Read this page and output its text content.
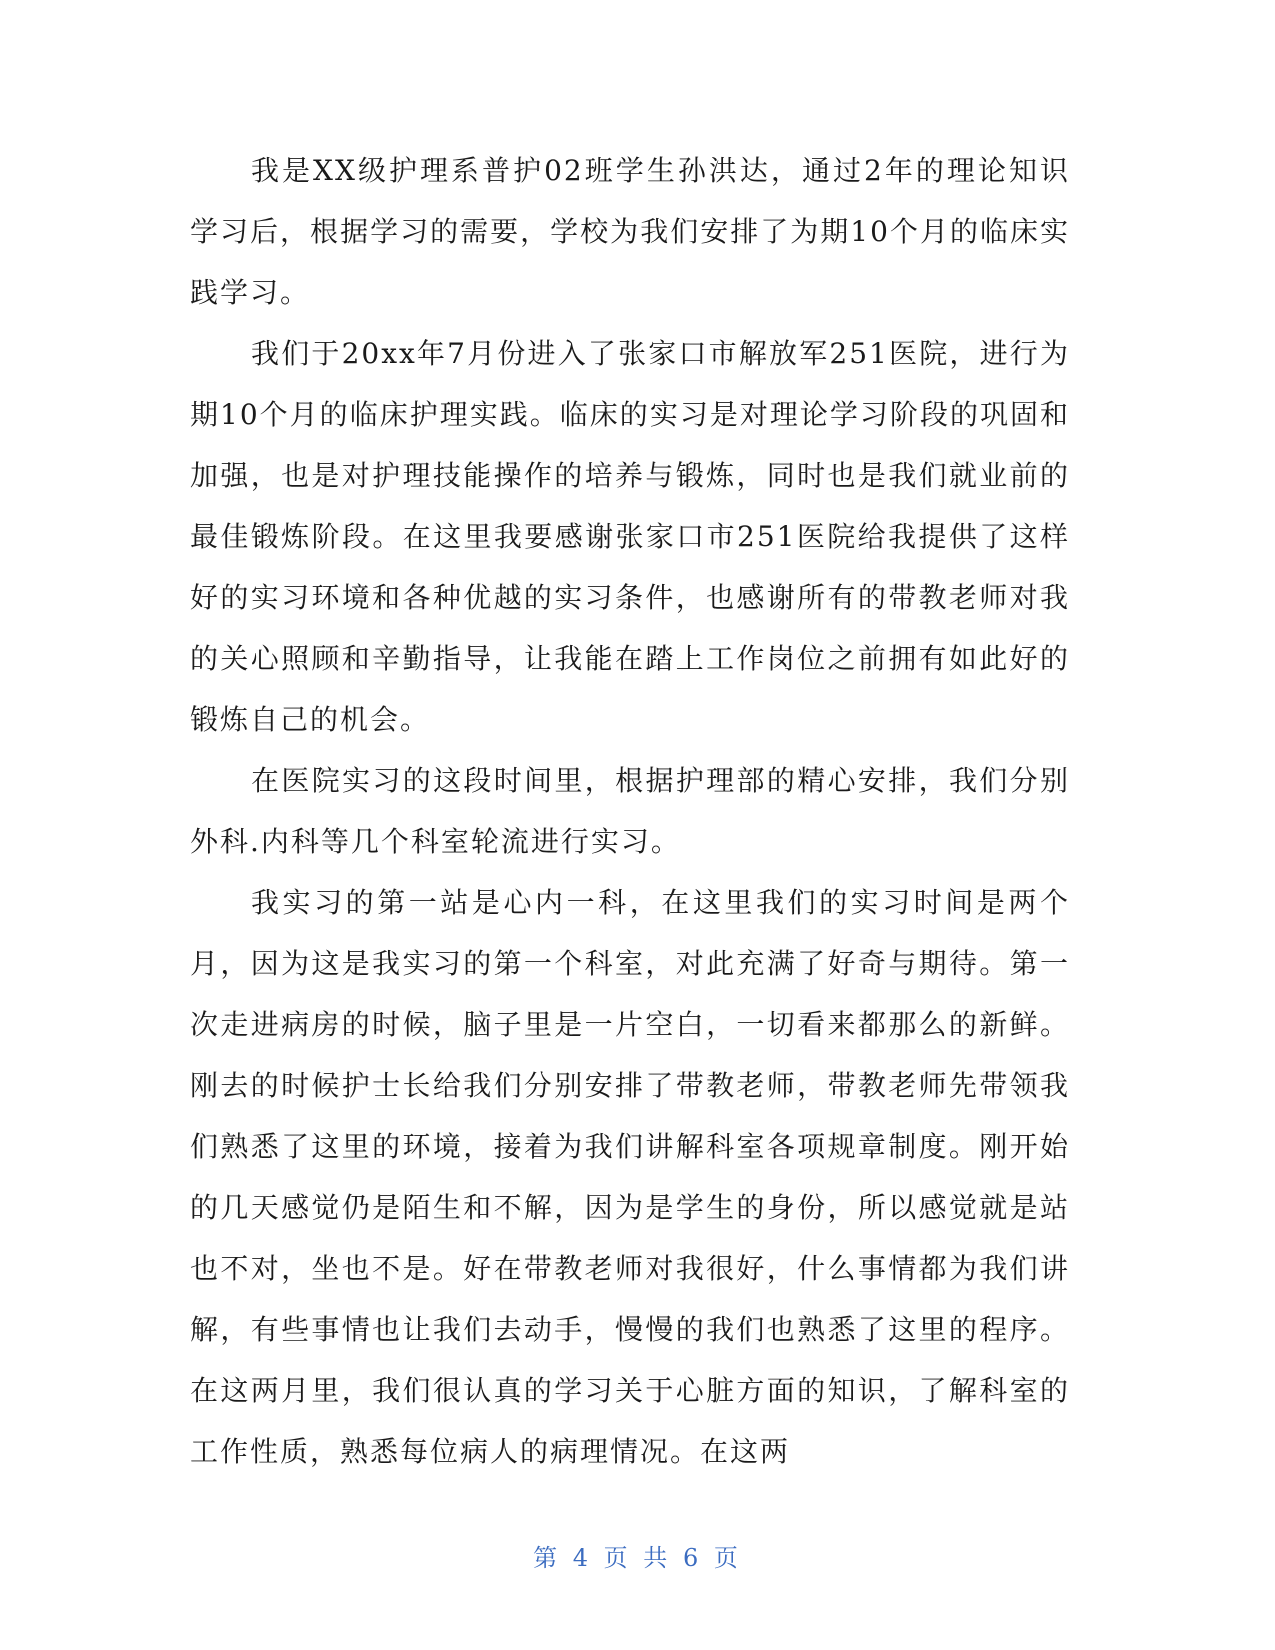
我是XX级护理系普护02班学生孙洪达，通过2年的理论知识学习后，根据学习的需要，学校为我们安排了为期10个月的临床实践学习。

我们于20xx年7月份进入了张家口市解放军251医院，进行为期10个月的临床护理实践。临床的实习是对理论学习阶段的巩固和加强，也是对护理技能操作的培养与锻炼，同时也是我们就业前的最佳锻炼阶段。在这里我要感谢张家口市251医院给我提供了这样好的实习环境和各种优越的实习条件，也感谢所有的带教老师对我的关心照顾和辛勤指导，让我能在踏上工作岗位之前拥有如此好的锻炼自己的机会。

在医院实习的这段时间里，根据护理部的精心安排，我们分别外科.内科等几个科室轮流进行实习。

我实习的第一站是心内一科，在这里我们的实习时间是两个月，因为这是我实习的第一个科室，对此充满了好奇与期待。第一次走进病房的时候，脑子里是一片空白，一切看来都那么的新鲜。刚去的时候护士长给我们分别安排了带教老师，带教老师先带领我们熟悉了这里的环境，接着为我们讲解科室各项规章制度。刚开始的几天感觉仍是陌生和不解，因为是学生的身份，所以感觉就是站也不对，坐也不是。好在带教老师对我很好，什么事情都为我们讲解，有些事情也让我们去动手，慢慢的我们也熟悉了这里的程序。在这两月里，我们很认真的学习关于心脏方面的知识，了解科室的工作性质，熟悉每位病人的病理情况。在这两

第 4 页 共 6 页
